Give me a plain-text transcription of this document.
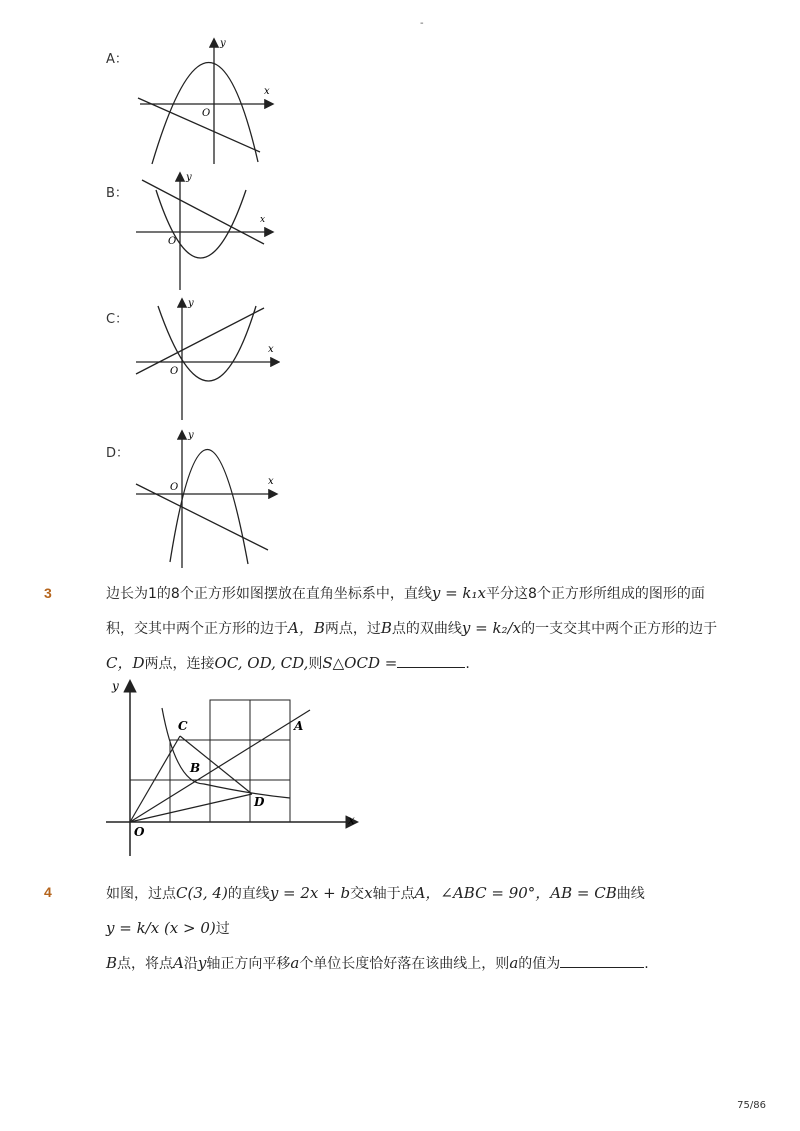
-
A：
x
y
O
B：
x
y
O
C：
x
y
O
D：
x
y
O
3	边长为1的8个正方形如图摆放在直角坐标系中，直线y = k₁x平分这8个正方形所组成的图形的面
积，交其中两个正方形的边于A，B两点，过B点的双曲线y = k₂/x的一支交其中两个正方形的边于
C，D两点，连接OC, OD, CD,则S△OCD =	.
y
x
O
A
B
C
D
4	如图，过点C(3, 4)的直线y = 2x + b交x轴于点A，∠ABC = 90°，AB = CB曲线y = k/x (x > 0)过
B点，将点A沿y轴正方向平移a个单位长度恰好落在该曲线上，则a的值为	.
75/86
